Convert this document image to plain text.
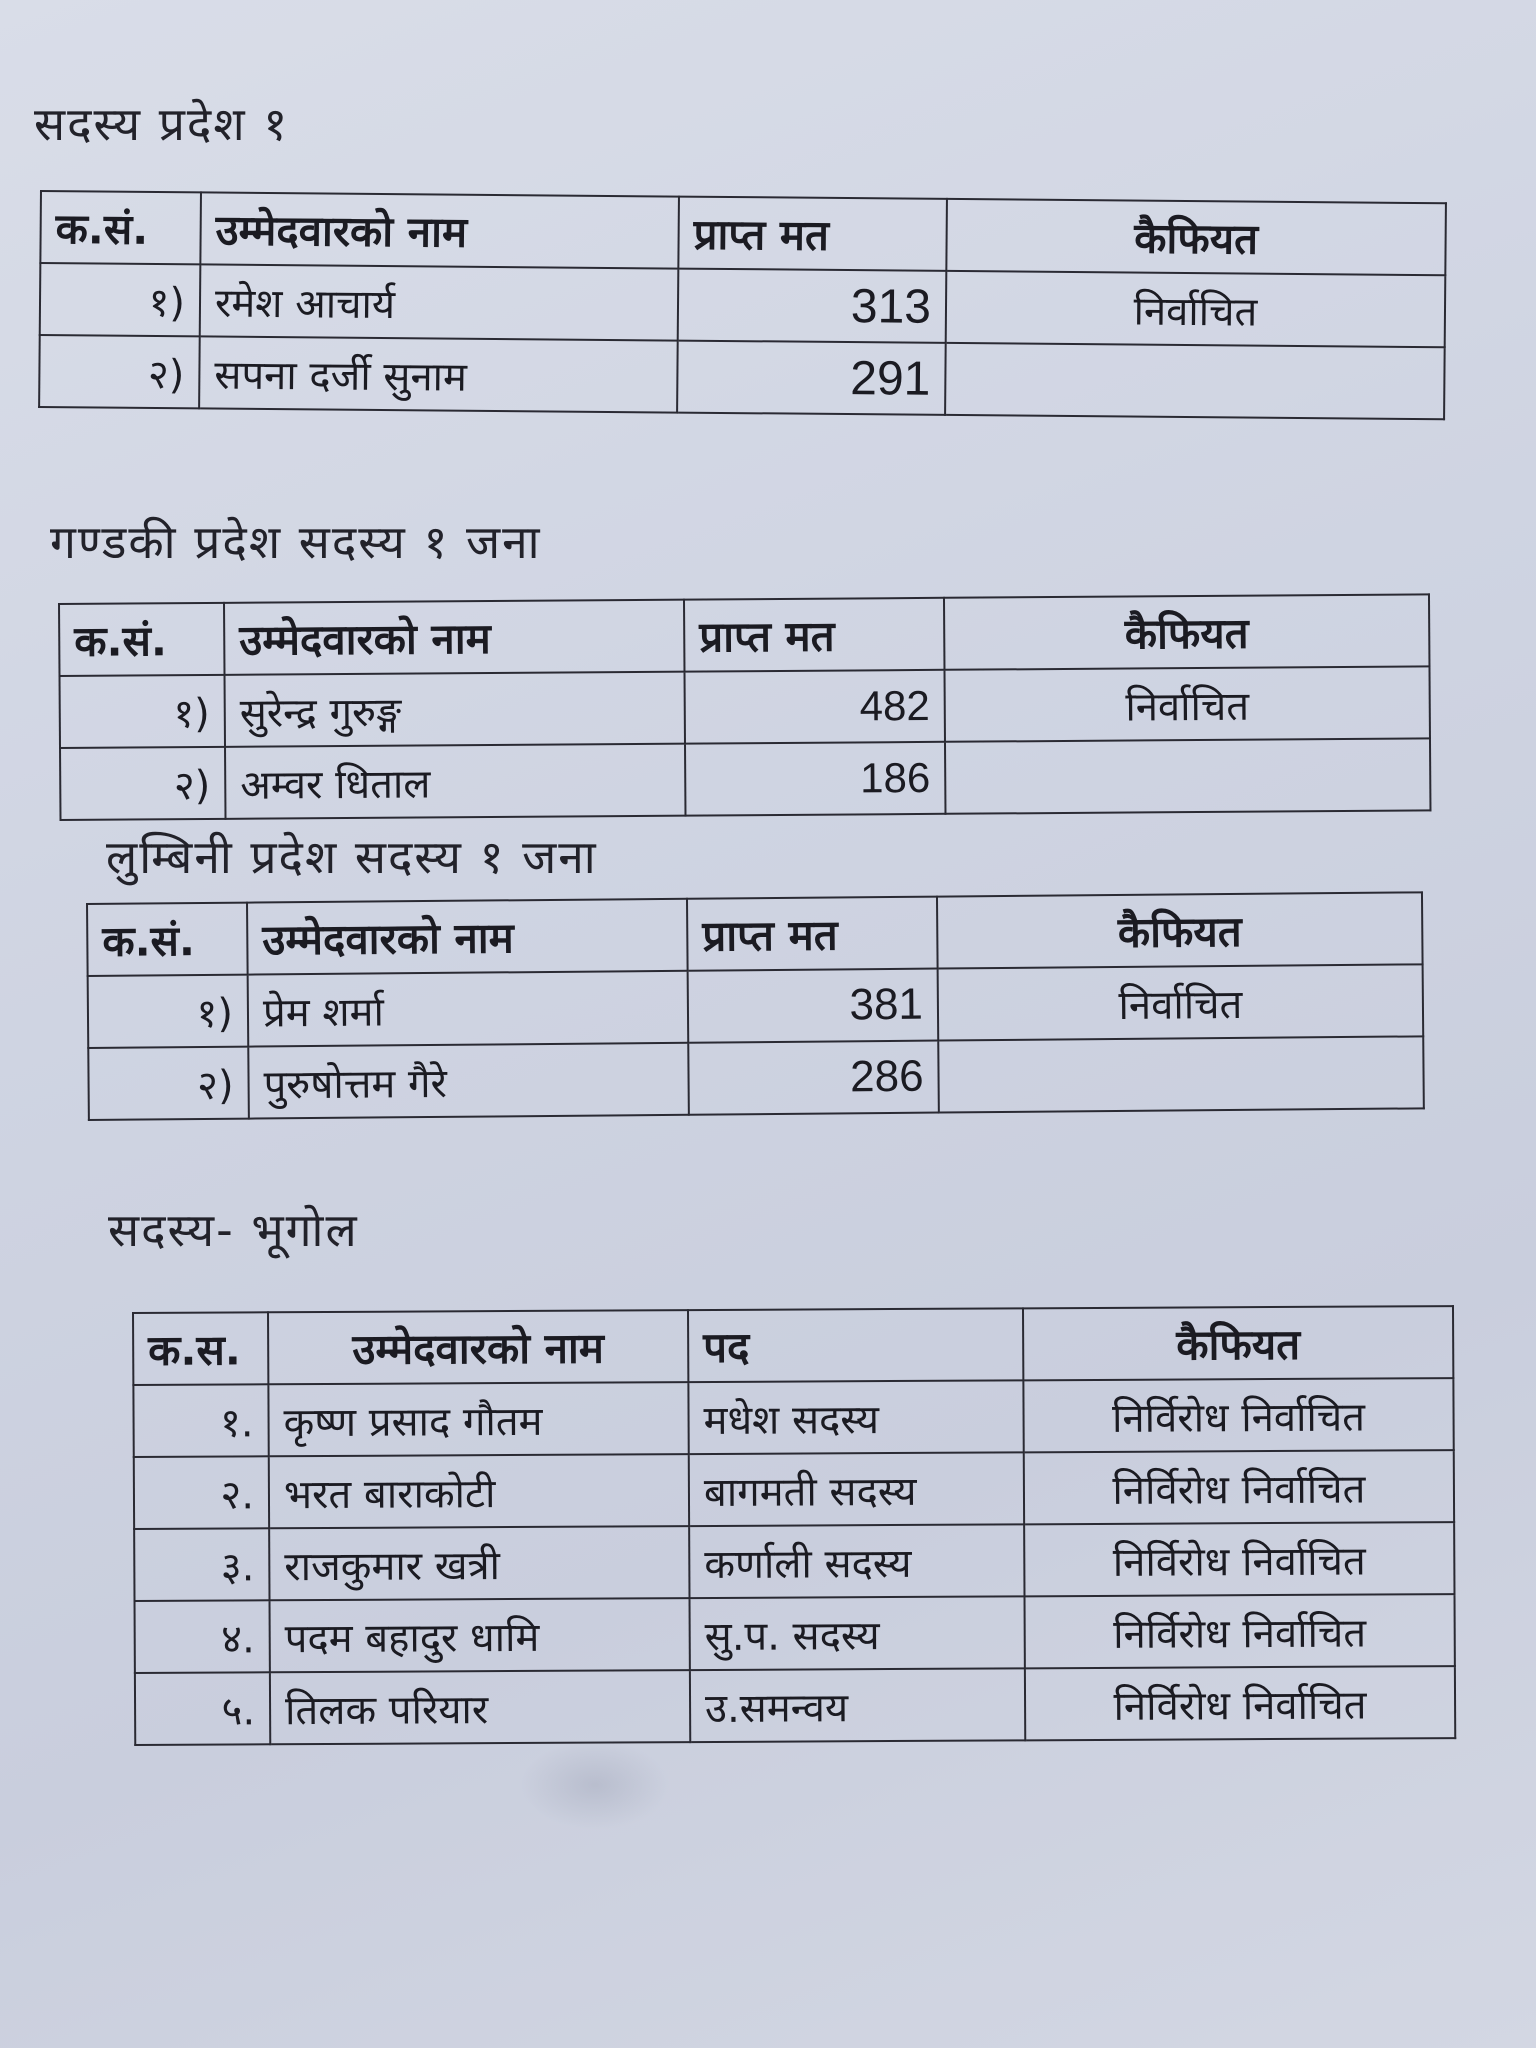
सदस्य प्रदेश १
क.सं.	उम्मेदवारको नाम	प्राप्त मत	कैफियत
१)	रमेश आचार्य	313	निर्वाचित
२)	सपना दर्जी सुनाम	291	
गण्डकी प्रदेश सदस्य १ जना
क.सं.	उम्मेदवारको नाम	प्राप्त मत	कैफियत
१)	सुरेन्द्र गुरुङ्ग	482	निर्वाचित
२)	अम्वर धिताल	186	
लुम्बिनी प्रदेश सदस्य १ जना
क.सं.	उम्मेदवारको नाम	प्राप्त मत	कैफियत
१)	प्रेम शर्मा	381	निर्वाचित
२)	पुरुषोत्तम गैरे	286	
सदस्य- भूगोल
क.स.	उम्मेदवारको नाम	पद	कैफियत
१.	कृष्ण प्रसाद गौतम	मधेश सदस्य	निर्विरोध निर्वाचित
२.	भरत बाराकोटी	बागमती सदस्य	निर्विरोध निर्वाचित
३.	राजकुमार खत्री	कर्णाली सदस्य	निर्विरोध निर्वाचित
४.	पदम बहादुर धामि	सु.प. सदस्य	निर्विरोध निर्वाचित
५.	तिलक परियार	उ.समन्वय	निर्विरोध निर्वाचित
